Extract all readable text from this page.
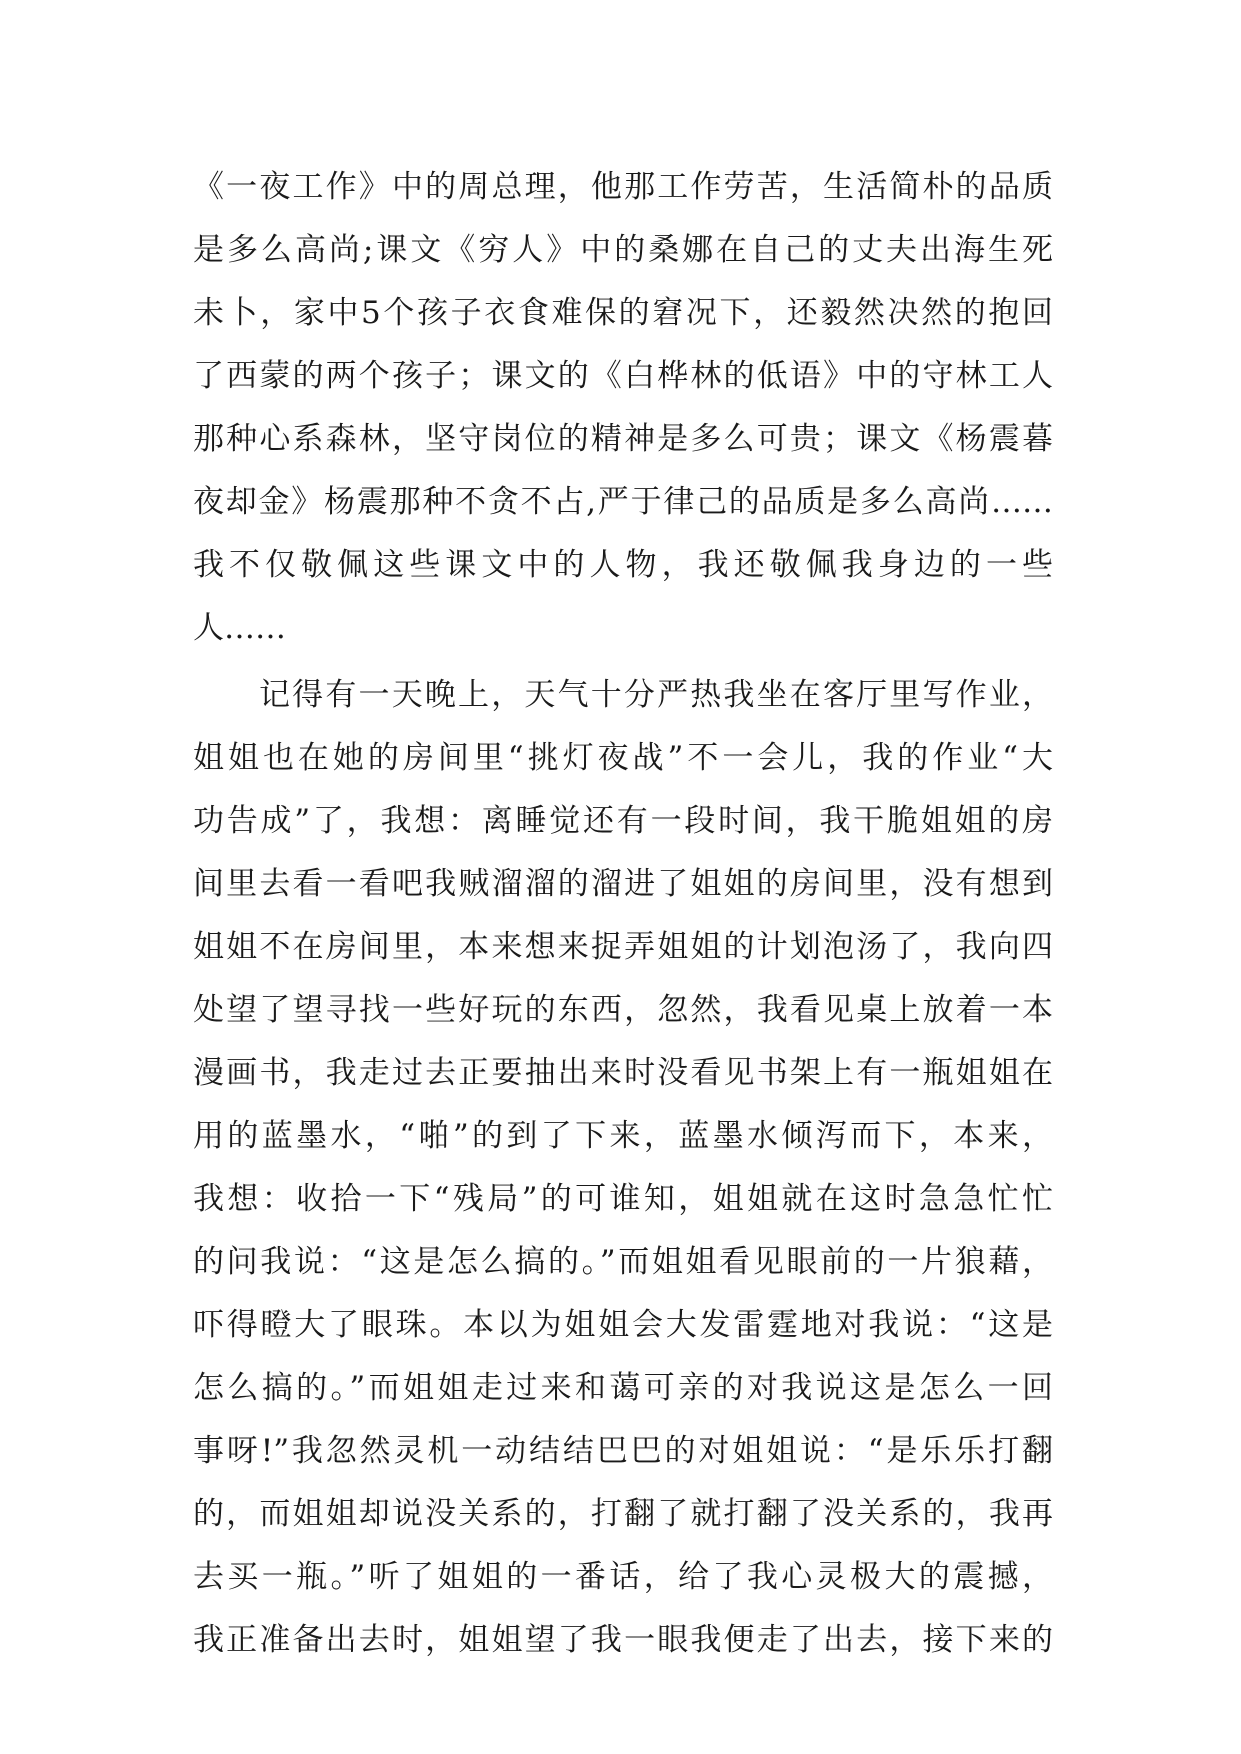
《一夜工作》中的周总理，他那工作劳苦，生活简朴的品质
是多么高尚;课文《穷人》中的桑娜在自己的丈夫出海生死
未卜，家中5个孩子衣食难保的窘况下，还毅然决然的抱回
了西蒙的两个孩子；课文的《白桦林的低语》中的守林工人
那种心系森林，坚守岗位的精神是多么可贵；课文《杨震暮
夜却金》杨震那种不贪不占,严于律己的品质是多么高尚……
我不仅敬佩这些课文中的人物，我还敬佩我身边的一些
人……
记得有一天晚上，天气十分严热我坐在客厅里写作业，
姐姐也在她的房间里“挑灯夜战”不一会儿，我的作业“大
功告成”了，我想：离睡觉还有一段时间，我干脆姐姐的房
间里去看一看吧我贼溜溜的溜进了姐姐的房间里，没有想到
姐姐不在房间里，本来想来捉弄姐姐的计划泡汤了，我向四
处望了望寻找一些好玩的东西，忽然，我看见桌上放着一本
漫画书，我走过去正要抽出来时没看见书架上有一瓶姐姐在
用的蓝墨水，“啪”的到了下来，蓝墨水倾泻而下，本来，
我想：收拾一下“残局”的可谁知，姐姐就在这时急急忙忙
的问我说：“这是怎么搞的。”而姐姐看见眼前的一片狼藉，
吓得瞪大了眼珠。本以为姐姐会大发雷霆地对我说：“这是
怎么搞的。”而姐姐走过来和蔼可亲的对我说这是怎么一回
事呀!”我忽然灵机一动结结巴巴的对姐姐说：“是乐乐打翻
的，而姐姐却说没关系的，打翻了就打翻了没关系的，我再
去买一瓶。”听了姐姐的一番话，给了我心灵极大的震撼，
我正准备出去时，姐姐望了我一眼我便走了出去，接下来的
